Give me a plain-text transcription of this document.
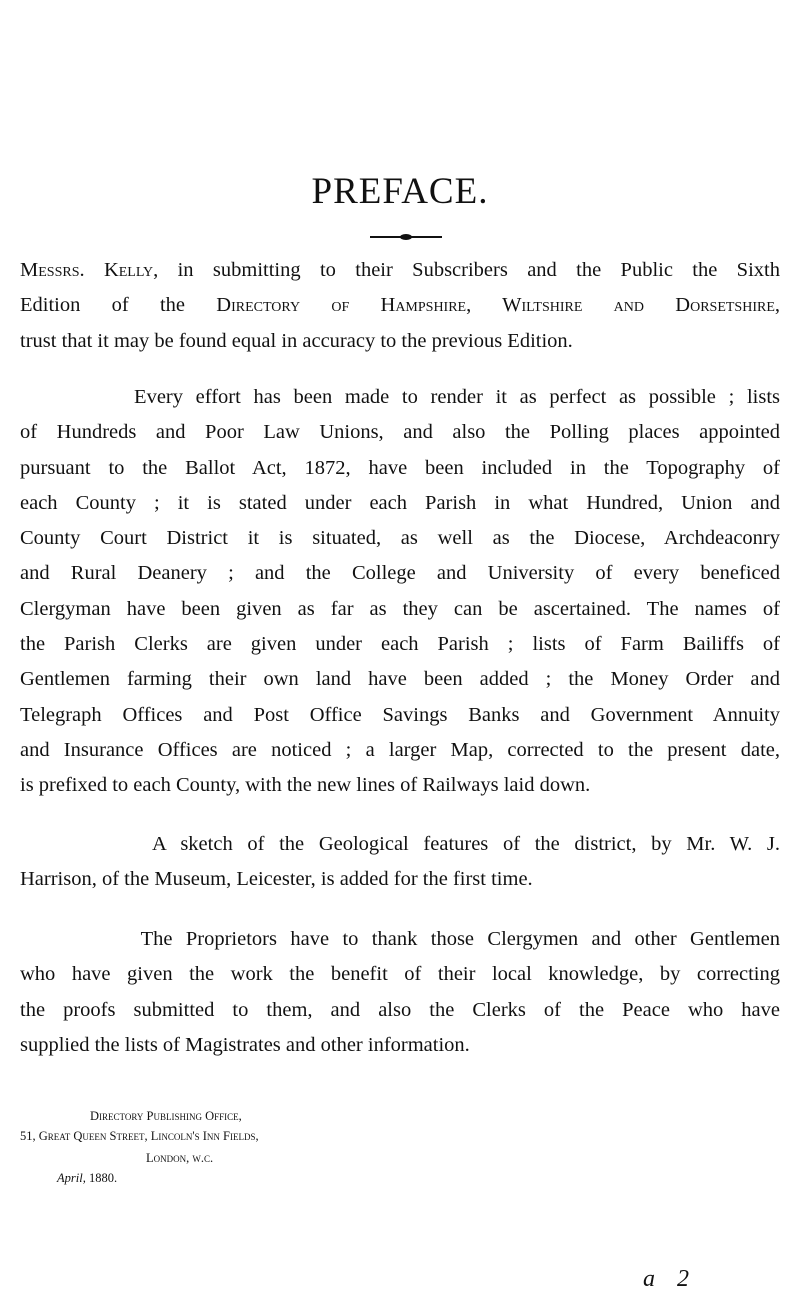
PREFACE.
Messrs. Kelly, in submitting to their Subscribers and the Public the Sixth
Edition of the Directory of Hampshire, Wiltshire and Dorsetshire,
trust that it may be found equal in accuracy to the previous Edition.
Every effort has been made to render it as perfect as possible ; lists
of Hundreds and Poor Law Unions, and also the Polling places appointed
pursuant to the Ballot Act, 1872, have been included in the Topography of
each County ; it is stated under each Parish in what Hundred, Union and
County Court District it is situated, as well as the Diocese, Archdeaconry
and Rural Deanery ; and the College and University of every beneficed
Clergyman have been given as far as they can be ascertained. The names of
the Parish Clerks are given under each Parish ; lists of Farm Bailiffs of
Gentlemen farming their own land have been added ; the Money Order and
Telegraph Offices and Post Office Savings Banks and Government Annuity
and Insurance Offices are noticed ; a larger Map, corrected to the present date,
is prefixed to each County, with the new lines of Railways laid down.
A sketch of the Geological features of the district, by Mr. W. J.
Harrison, of the Museum, Leicester, is added for the first time.
The Proprietors have to thank those Clergymen and other Gentlemen
who have given the work the benefit of their local knowledge, by correcting
the proofs submitted to them, and also the Clerks of the Peace who have
supplied the lists of Magistrates and other information.
Directory Publishing Office,
51, Great Queen Street, Lincoln's Inn Fields,
London, w.c.
April, 1880.
a 2
